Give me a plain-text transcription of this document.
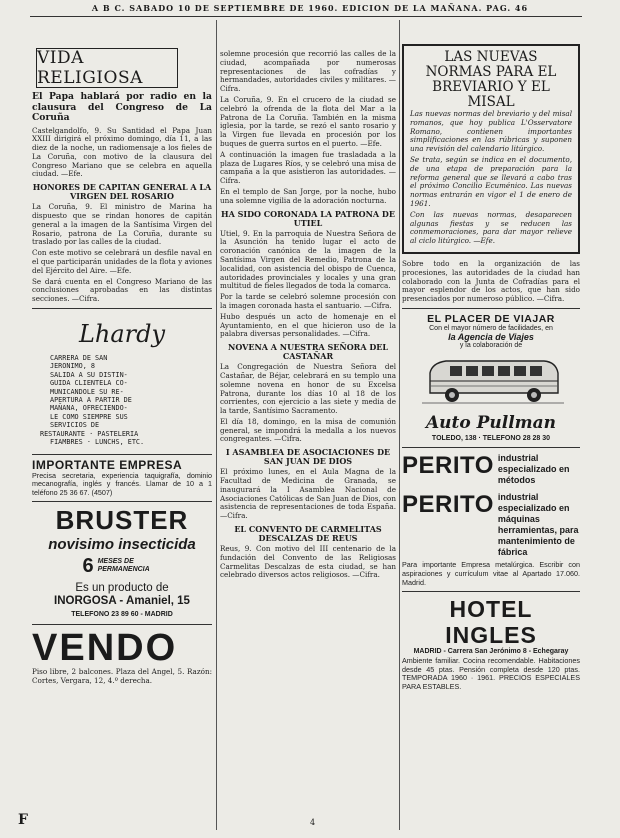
A B C. SABADO 10 DE SEPTIEMBRE DE 1960. EDICION DE LA MAÑANA. PAG. 46
VIDA RELIGIOSA

El Papa hablará por radio en la clausura del Congreso de La Coruña

Castelgandolfo, 9. Su Santidad el Papa Juan XXIII dirigirá el próximo domingo, día 11, a las diez de la noche, un radiomensaje a los fieles de La Coruña, con motivo de la clausura del Congreso Mariano que se celebra en aquella ciudad. —Efe.

HONORES DE CAPITAN GENERAL A LA VIRGEN DEL ROSARIO

La Coruña, 9. El ministro de Marina ha dispuesto que se rindan honores de capitán general a la imagen de la Santísima Virgen del Rosario, patrona de La Coruña, durante su traslado por las calles de la ciudad.

Con este motivo se celebrará un desfile naval en el que participarán unidades de la flota y aviones del Ejército del Aire. —Efe.

Se dará cuenta en el Congreso Mariano de las conclusiones aprobadas en las distintas secciones. —Cifra.

Lhardy
CARRERA DE SAN
JERONIMO, 8
SALIDA A SU DISTIN-
GUIDA CLIENTELA CO-
MUNICANDOLE SU RE-
APERTURA A PARTIR DE
MAÑANA, OFRECIENDO-
LE COMO SIEMPRE SUS
SERVICIOS DE
RESTAURANTE · PASTELERIA
FIAMBRES · LUNCHS, ETC.
IMPORTANTE EMPRESA

Precisa secretaria, experiencia taquigrafía, dominio mecanografía, inglés y francés. Llamar de 10 a 1 teléfono 25 36 67. (4507)

BRUSTER
novisimo insecticida
6 MESES DE PERMANENCIA
Es un producto de
INORGOSA - Amaniel, 15
TELEFONO 23 89 60 - MADRID
VENDO

Piso libre, 2 balcones. Plaza del Angel, 5. Razón: Cortes, Vergara, 12, 4.º derecha.

F

solemne procesión que recorrió las calles de la ciudad, acompañada por numerosas representaciones de las cofradías y hermandades, autoridades civiles y militares. —Cifra.

La Coruña, 9. En el crucero de la ciudad se celebró la ofrenda de la flota del Mar a la Patrona de La Coruña. También en la misma iglesia, por la tarde, se rezó el santo rosario y la Virgen fue llevada en procesión por los buques de guerra surtos en el puerto. —Efe.

A continuación la imagen fue trasladada a la plaza de Lugares Ríos, y se celebró una misa de campaña a la que asistieron las autoridades. —Cifra.

En el templo de San Jorge, por la noche, hubo una solemne vigilia de la adoración nocturna.

HA SIDO CORONADA LA PATRONA DE UTIEL

Utiel, 9. En la parroquia de Nuestra Señora de la Asunción ha tenido lugar el acto de coronación canónica de la imagen de la Santísima Virgen del Remedio, Patrona de la localidad, con asistencia del obispo de Cuenca, autoridades provinciales y locales y una gran multitud de fieles llegados de toda la comarca.

Por la tarde se celebró solemne procesión con la imagen coronada hasta el santuario. —Cifra.

Hubo después un acto de homenaje en el Ayuntamiento, en el que hicieron uso de la palabra diversas personalidades. —Cifra.

NOVENA A NUESTRA SEÑORA DEL CASTAÑAR

La Congregación de Nuestra Señora del Castañar, de Béjar, celebrará en su templo una solemne novena en honor de su Excelsa Patrona, durante los días 10 al 18 de los corrientes, con ejercicio a las siete y media de la tarde, Santísimo Sacramento.

El día 18, domingo, en la misa de comunión general, se impondrá la medalla a los nuevos congregantes. —Cifra.

I ASAMBLEA DE ASOCIACIONES DE SAN JUAN DE DIOS

El próximo lunes, en el Aula Magna de la Facultad de Medicina de Granada, se inaugurará la I Asamblea Nacional de Asociaciones Católicas de San Juan de Dios, con asistencia de representaciones de toda España. —Cifra.

EL CONVENTO DE CARMELITAS DESCALZAS DE REUS

Reus, 9. Con motivo del III centenario de la fundación del Convento de las Religiosas Carmelitas Descalzas de esta ciudad, se han celebrado diversos actos religiosos. —Cifra.

4
LAS NUEVAS NORMAS PARA EL BREVIARIO Y EL MISAL

Las nuevas normas del breviario y del misal romanos, que hoy publica L'Osservatore Romano, contienen importantes simplificaciones en las rúbricas y suponen una revisión del calendario litúrgico.

Se trata, según se indica en el documento, de una etapa de preparación para la reforma general que se llevará a cabo tras el próximo Concilio Ecuménico. Las nuevas normas entrarán en vigor el 1 de enero de 1961.

Con las nuevas normas, desaparecen algunas fiestas y se reducen las conmemoraciones, para dar mayor relieve al ciclo litúrgico. —Efe.

Sobre todo en la organización de las procesiones, las autoridades de la ciudad han colaborado con la Junta de Cofradías para el mayor esplendor de los actos, que han sido presenciados por numeroso público. —Cifra.

EL PLACER DE VIAJAR
Con el mayor número de facilidades, en
la Agencia de Viajes
y la colaboración de
Auto Pullman
TOLEDO, 138 · TELEFONO 28 28 30
PERITO industrial especializado en métodos
PERITO industrial especializado en máquinas herramientas, para mantenimiento de fábrica

Para importante Empresa metalúrgica. Escribir con aspiraciones y currículum vitae al Apartado 17.060. Madrid.

HOTEL INGLES
MADRID - Carrera San Jerónimo 8 - Echegaray

Ambiente familiar. Cocina recomendable. Habitaciones desde 45 ptas. Pensión completa desde 120 ptas. TEMPORADA 1960 · 1961. PRECIOS ESPECIALES PARA ESTABLES.
